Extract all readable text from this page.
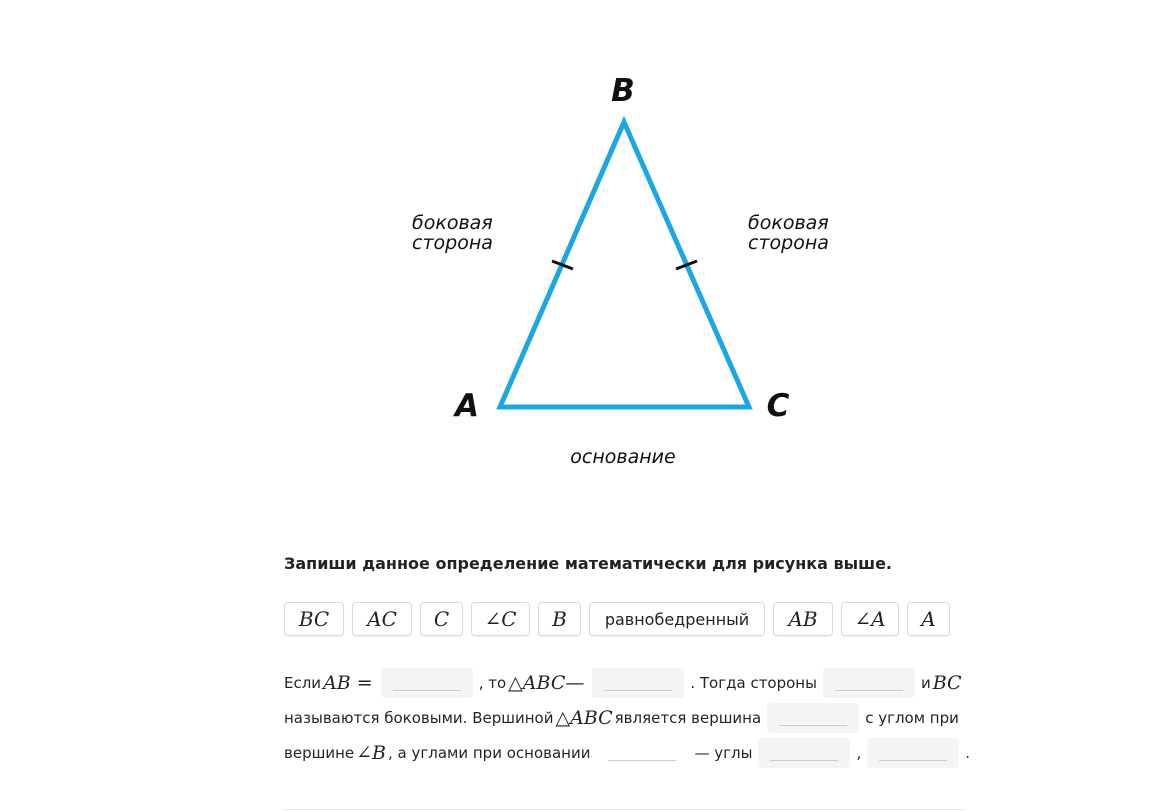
B
A	C
боковая
сторона
боковая
сторона
основание
Запиши данное определение математически для рисунка выше.
BC	AC	C	∠C	B	равнобедренный	AB	∠A	A
Если AB =	, то △ABC—	. Тогда стороны	и BC
называются боковыми. Вершиной △ABC является вершина	с углом при
вершине ∠B , а углами при основании	— углы	,	.
